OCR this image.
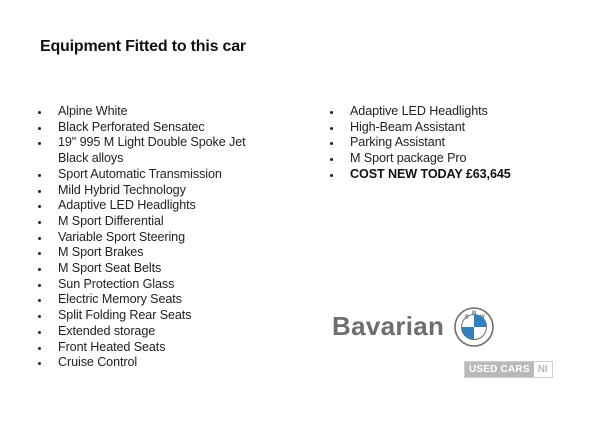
Equipment Fitted to this car
Alpine White
Black Perforated Sensatec
19" 995 M Light Double Spoke Jet Black alloys
Sport Automatic Transmission
Mild Hybrid Technology
Adaptive LED Headlights
M Sport Differential
Variable Sport Steering
M Sport Brakes
M Sport Seat Belts
Sun Protection Glass
Electric Memory Seats
Split Folding Rear Seats
Extended storage
Front Heated Seats
Cruise Control
Adaptive LED Headlights
High-Beam Assistant
Parking Assistant
M Sport package Pro
COST NEW TODAY £63,645
Bavarian	B
M
W
USED CARS NI
